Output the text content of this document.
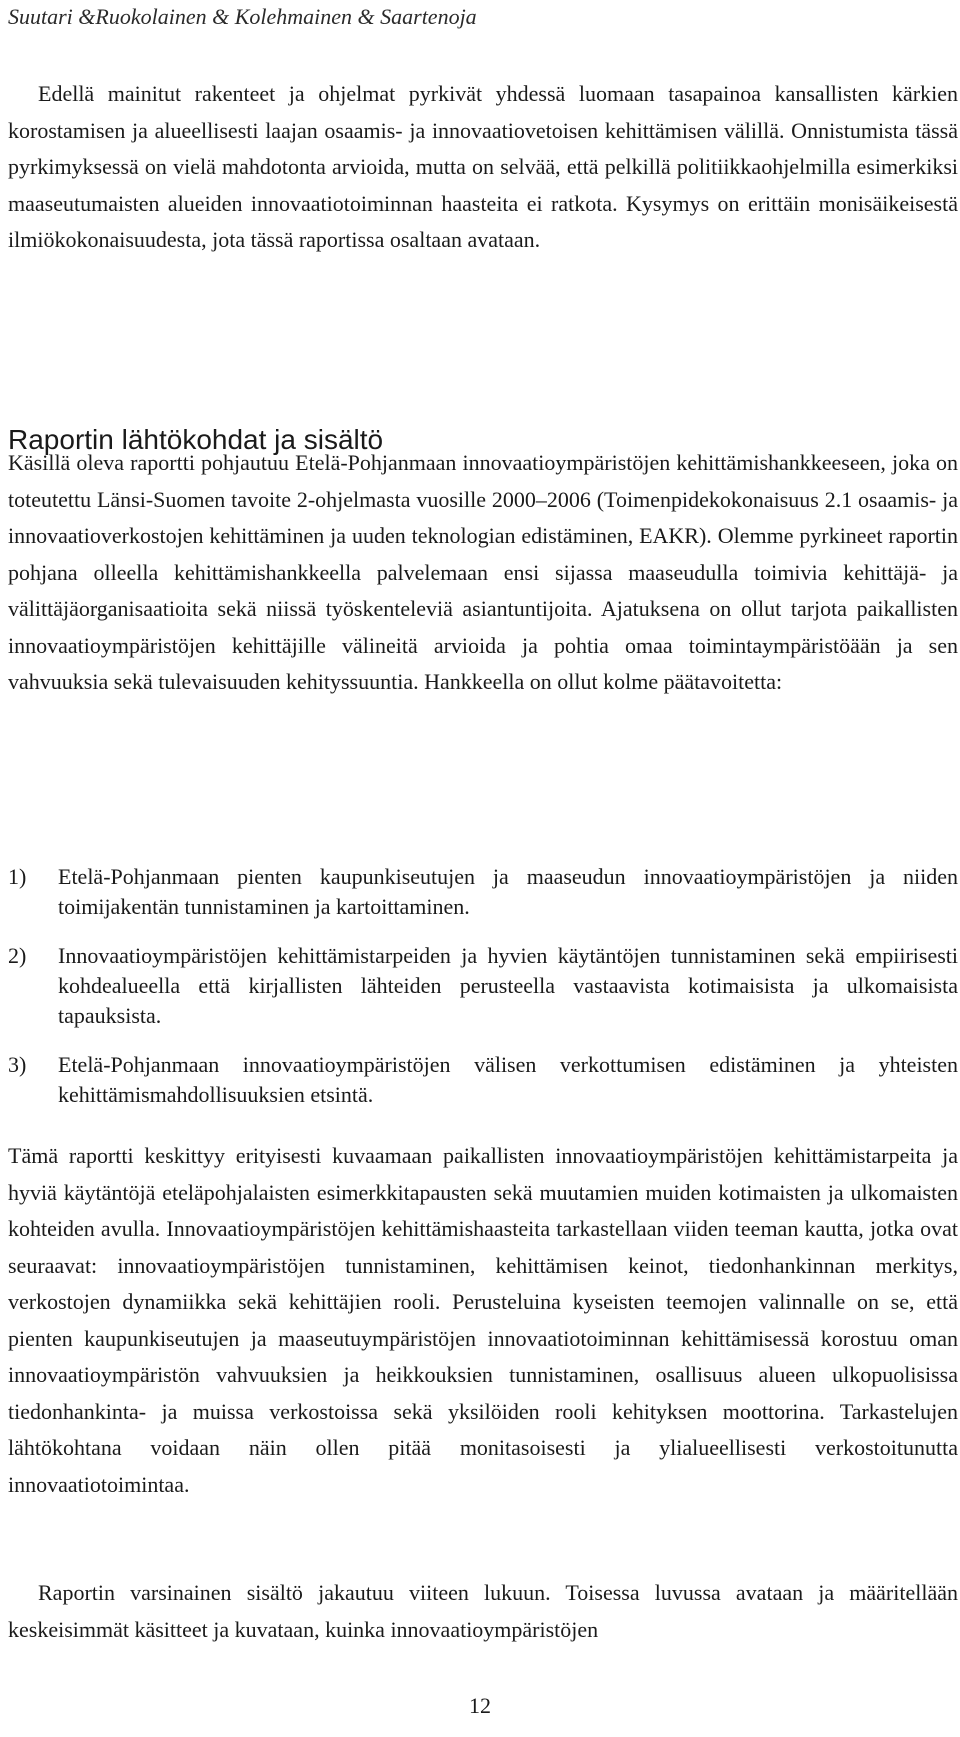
Suutari &Ruokolainen & Kolehmainen & Saartenoja

Edellä mainitut rakenteet ja ohjelmat pyrkivät yhdessä luomaan tasapainoa kansallisten kärkien korostamisen ja alueellisesti laajan osaamis- ja innovaatiovetoisen kehittämisen välillä. Onnistumista tässä pyrkimyksessä on vielä mahdotonta arvioida, mutta on selvää, että pelkillä politiikkaohjelmilla esimerkiksi maaseutumaisten alueiden innovaatiotoiminnan haasteita ei ratkota. Kysymys on erittäin monisäikeisestä ilmiökokonaisuudesta, jota tässä raportissa osaltaan avataan.

Raportin lähtökohdat ja sisältö

Käsillä oleva raportti pohjautuu Etelä-Pohjanmaan innovaatioympäristöjen kehittämishankkeeseen, joka on toteutettu Länsi-Suomen tavoite 2-ohjelmasta vuosille 2000–2006 (Toimenpidekokonaisuus 2.1 osaamis- ja innovaatioverkostojen kehittäminen ja uuden teknologian edistäminen, EAKR). Olemme pyrkineet raportin pohjana olleella kehittämishankkeella palvelemaan ensi sijassa maaseudulla toimivia kehittäjä- ja välittäjäorganisaatioita sekä niissä työskenteleviä asiantuntijoita. Ajatuksena on ollut tarjota paikallisten innovaatioympäristöjen kehittäjille välineitä arvioida ja pohtia omaa toimintaympäristöään ja sen vahvuuksia sekä tulevaisuuden kehityssuuntia. Hankkeella on ollut kolme päätavoitetta:

1) Etelä-Pohjanmaan pienten kaupunkiseutujen ja maaseudun innovaatioympäristöjen ja niiden toimijakentän tunnistaminen ja kartoittaminen.
2) Innovaatioympäristöjen kehittämistarpeiden ja hyvien käytäntöjen tunnistaminen sekä empiirisesti kohdealueella että kirjallisten lähteiden perusteella vastaavista kotimaisista ja ulkomaisista tapauksista.
3) Etelä-Pohjanmaan innovaatioympäristöjen välisen verkottumisen edistäminen ja yhteisten kehittämismahdollisuuksien etsintä.

Tämä raportti keskittyy erityisesti kuvaamaan paikallisten innovaatioympäristöjen kehittämistarpeita ja hyviä käytäntöjä eteläpohjalaisten esimerkkitapausten sekä muutamien muiden kotimaisten ja ulkomaisten kohteiden avulla. Innovaatioympäristöjen kehittämishaasteita tarkastellaan viiden teeman kautta, jotka ovat seuraavat: innovaatioympäristöjen tunnistaminen, kehittämisen keinot, tiedonhankinnan merkitys, verkostojen dynamiikka sekä kehittäjien rooli. Perusteluina kyseisten teemojen valinnalle on se, että pienten kaupunkiseutujen ja maaseutuympäristöjen innovaatiotoiminnan kehittämisessä korostuu oman innovaatioympäristön vahvuuksien ja heikkouksien tunnistaminen, osallisuus alueen ulkopuolisissa tiedonhankinta- ja muissa verkostoissa sekä yksilöiden rooli kehityksen moottorina. Tarkastelujen lähtökohtana voidaan näin ollen pitää monitasoisesti ja ylialueellisesti verkostoitunutta innovaatiotoimintaa.

Raportin varsinainen sisältö jakautuu viiteen lukuun. Toisessa luvussa avataan ja määritellään keskeisimmät käsitteet ja kuvataan, kuinka innovaatioympäristöjen

12
